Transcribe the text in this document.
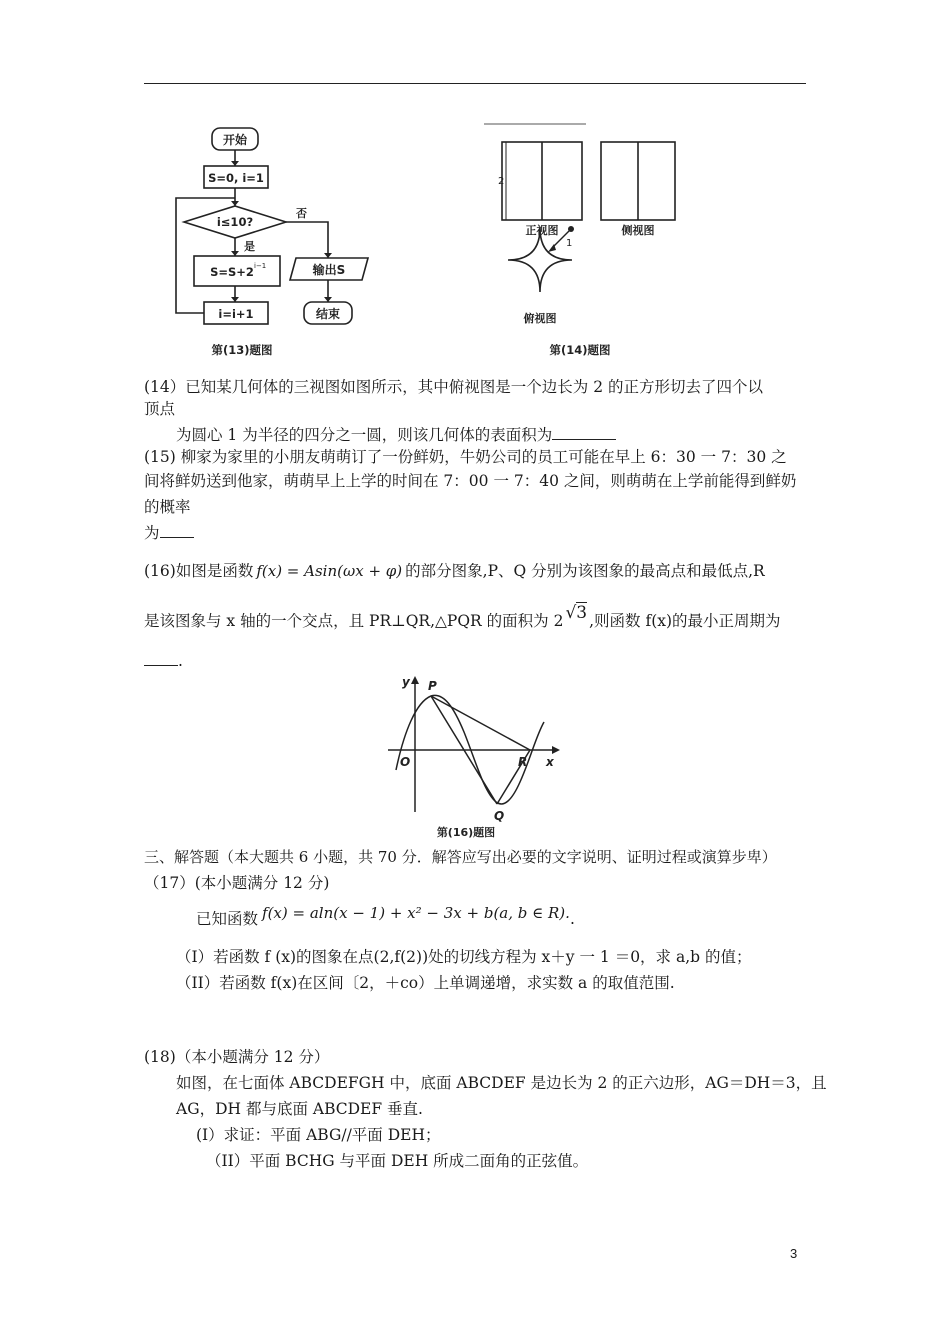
开始
S=0, i=1
i≤10?
是
否
S=S+2 i−1
i=i+1
输出S
结束
第(13)题图
2
正视图	侧视图
1
俯视图
第(14)题图
(14）已知某几何体的三视图如图所示，其中俯视图是一个边长为 2 的正方形切去了四个以
顶点
为圆心 1 为半径的四分之一圆，则该几何体的表面积为
(15) 柳家为家里的小朋友萌萌订了一份鲜奶，牛奶公司的员工可能在早上 6：30 一 7：30 之
间将鲜奶送到他家，萌萌早上上学的时间在 7：00 一 7：40 之间，则萌萌在上学前能得到鲜奶
的概率
为
(16)如图是函数 f(x) = Asin(ωx + φ) 的部分图象,P、Q 分别为该图象的最高点和最低点,R
是该图象与 x 轴的一个交点，且 PR⊥QR,△PQR 的面积为 2 √3 ,则函数 f(x)的最小正周期为
.
y
x
O
P
Q
R
第(16)题图
三、解答题（本大题共 6 小题，共 70 分．解答应写出必要的文字说明、证明过程或演算步卑）
（17）(本小题满分 12 分)
已知函数 f(x) = aln(x − 1) + x² − 3x + b(a, b ∈ R)..
（I）若函数 f (x)的图象在点(2,f(2))处的切线方程为 x＋y 一 1 ＝0，求 a,b 的值；
（II）若函数 f(x)在区间〔2，＋co）上单调递增，求实数 a 的取值范围.
(18)（本小题满分 12 分）
如图，在七面体 ABCDEFGH 中，底面 ABCDEF 是边长为 2 的正六边形，AG＝DH＝3，且
AG，DH 都与底面 ABCDEF 垂直.
(I）求证：平面 ABG//平面 DEH；
（II）平面 BCHG 与平面 DEH 所成二面角的正弦值。
3
